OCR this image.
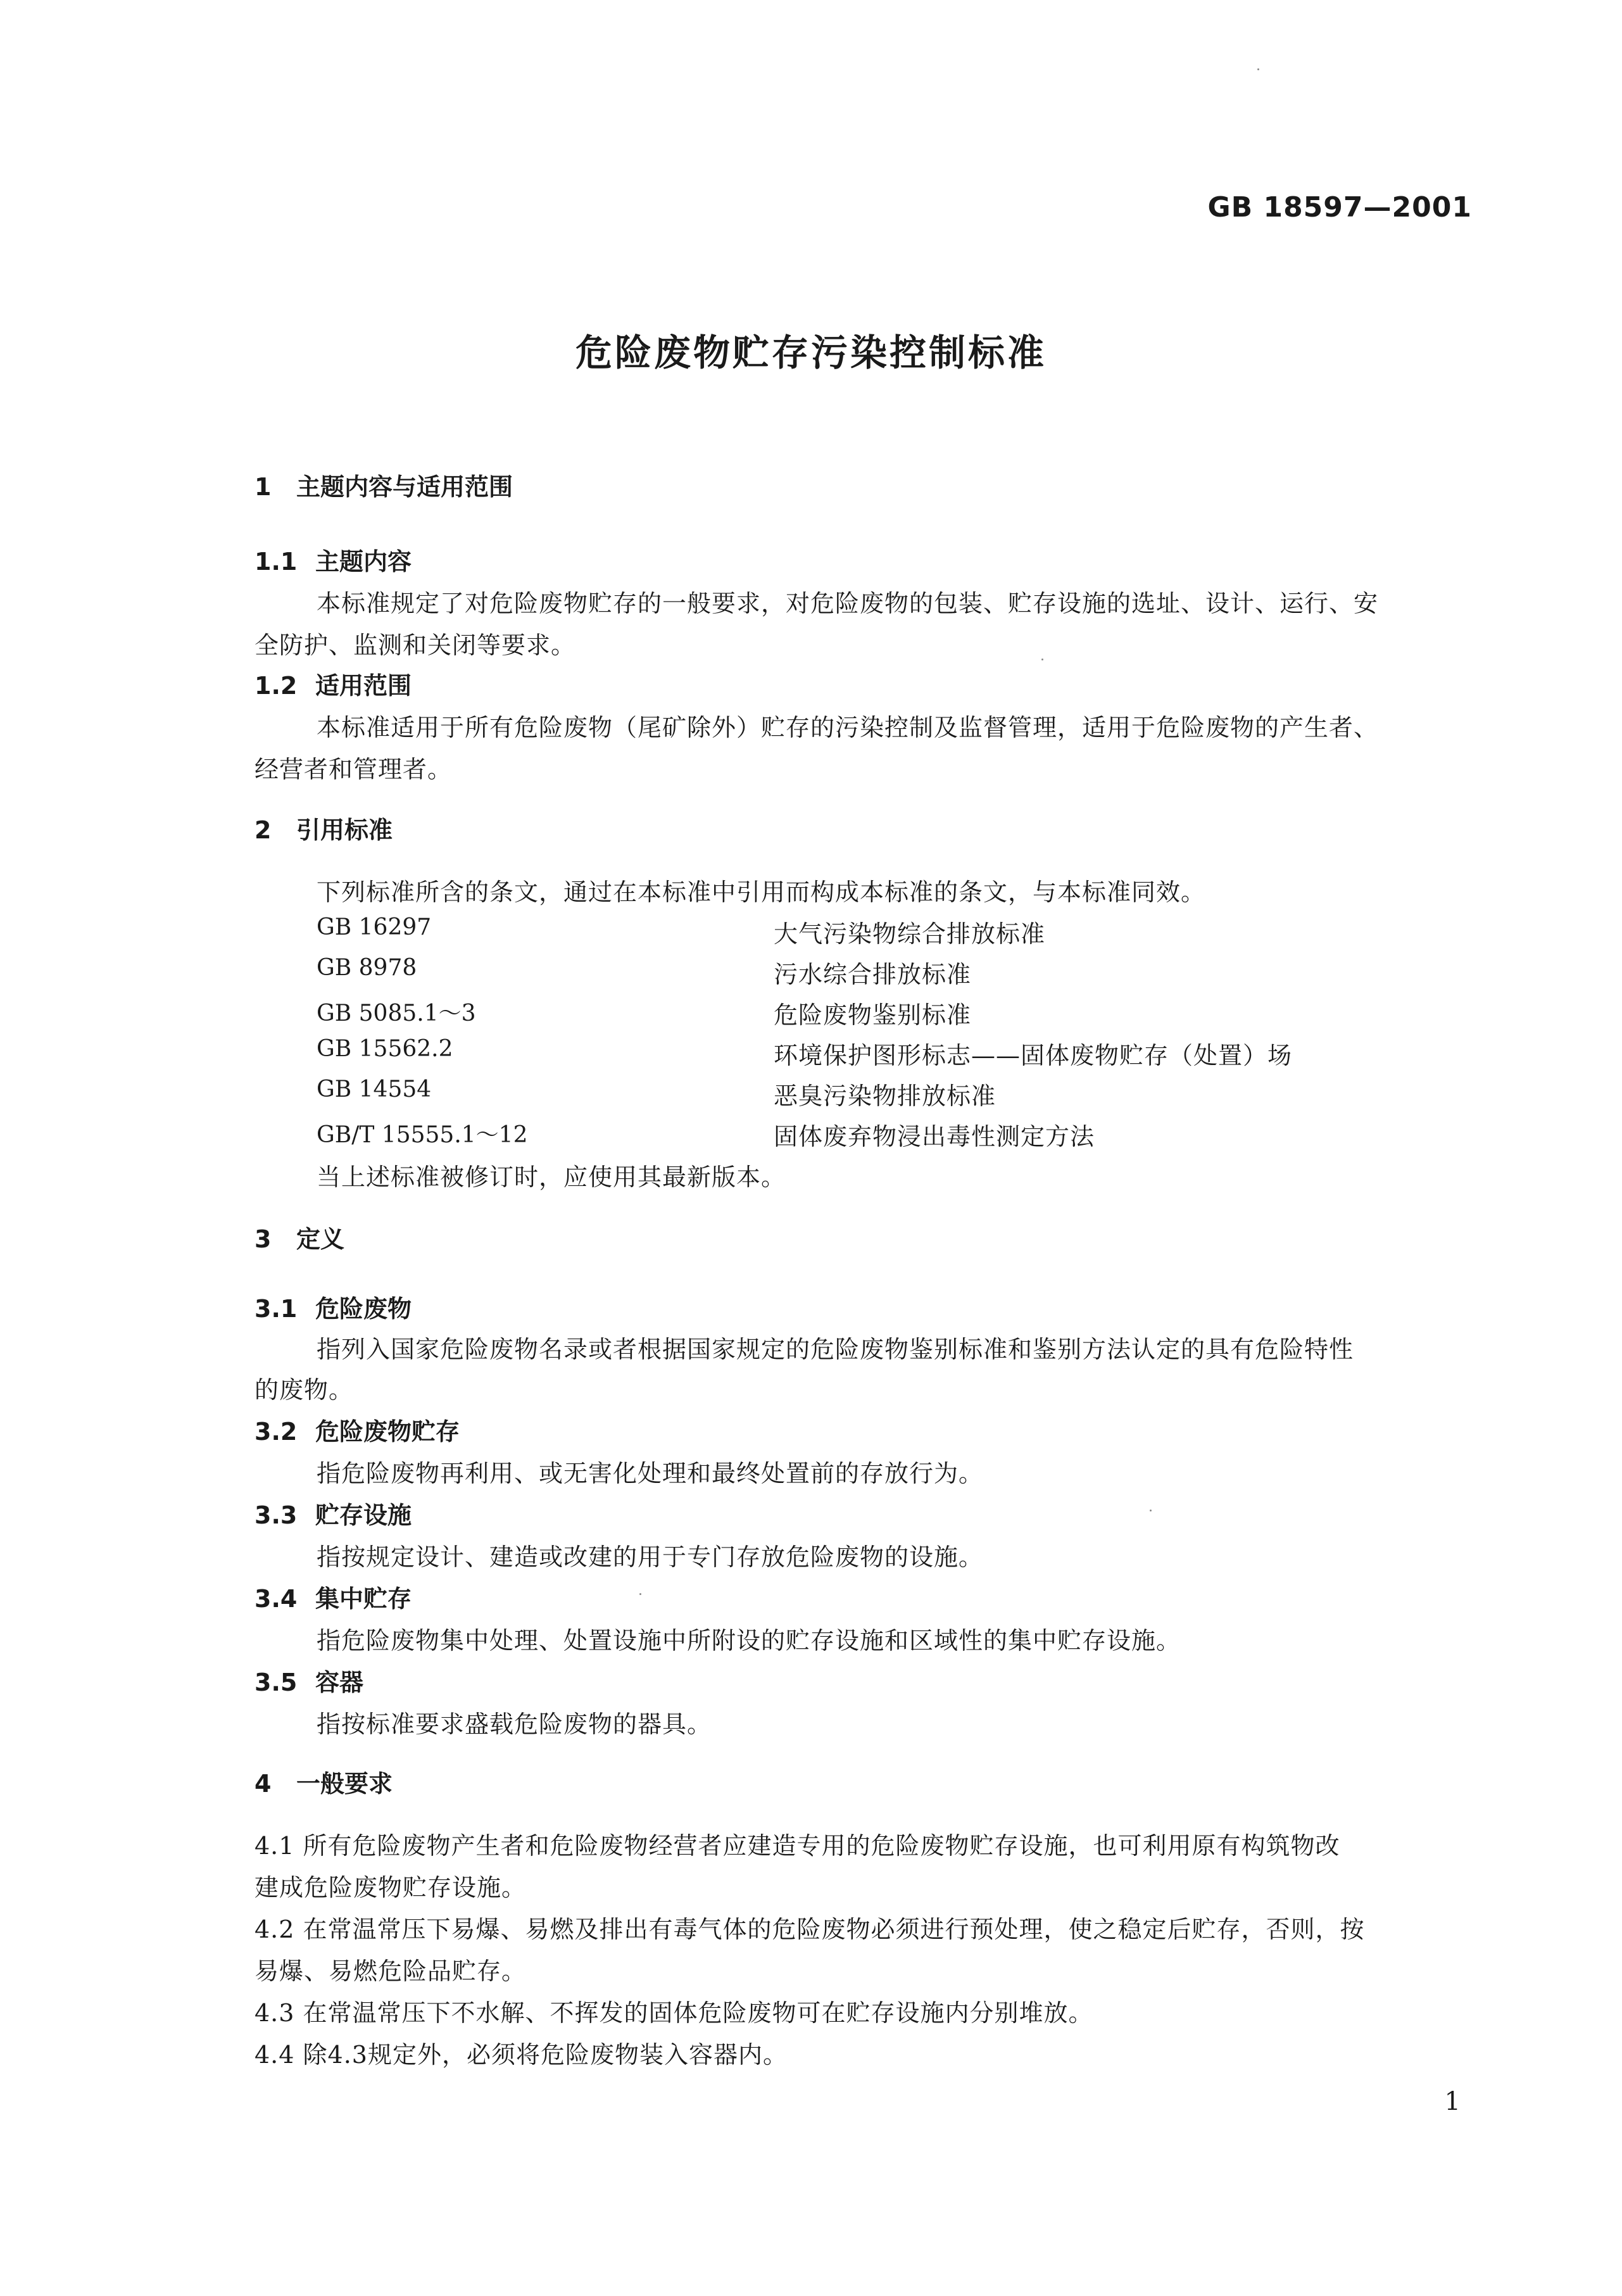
GB 18597—2001
危险废物贮存污染控制标准
1 主题内容与适用范围
1.1 主题内容
本标准规定了对危险废物贮存的一般要求，对危险废物的包装、贮存设施的选址、设计、运行、安
全防护、监测和关闭等要求。
1.2 适用范围
本标准适用于所有危险废物（尾矿除外）贮存的污染控制及监督管理，适用于危险废物的产生者、
经营者和管理者。
2 引用标准
下列标准所含的条文，通过在本标准中引用而构成本标准的条文，与本标准同效。
GB 16297	大气污染物综合排放标准
GB 8978	污水综合排放标准
GB 5085.1～3	危险废物鉴别标准
GB 15562.2	环境保护图形标志——固体废物贮存（处置）场
GB 14554	恶臭污染物排放标准
GB/T 15555.1～12	固体废弃物浸出毒性测定方法
当上述标准被修订时，应使用其最新版本。
3 定义
3.1 危险废物
指列入国家危险废物名录或者根据国家规定的危险废物鉴别标准和鉴别方法认定的具有危险特性
的废物。
3.2 危险废物贮存
指危险废物再利用、或无害化处理和最终处置前的存放行为。
3.3 贮存设施
指按规定设计、建造或改建的用于专门存放危险废物的设施。
3.4 集中贮存
指危险废物集中处理、处置设施中所附设的贮存设施和区域性的集中贮存设施。
3.5 容器
指按标准要求盛载危险废物的器具。
4 一般要求
4.1 所有危险废物产生者和危险废物经营者应建造专用的危险废物贮存设施，也可利用原有构筑物改
建成危险废物贮存设施。
4.2 在常温常压下易爆、易燃及排出有毒气体的危险废物必须进行预处理，使之稳定后贮存，否则，按
易爆、易燃危险品贮存。
4.3 在常温常压下不水解、不挥发的固体危险废物可在贮存设施内分别堆放。
4.4 除4.3规定外，必须将危险废物装入容器内。
1
